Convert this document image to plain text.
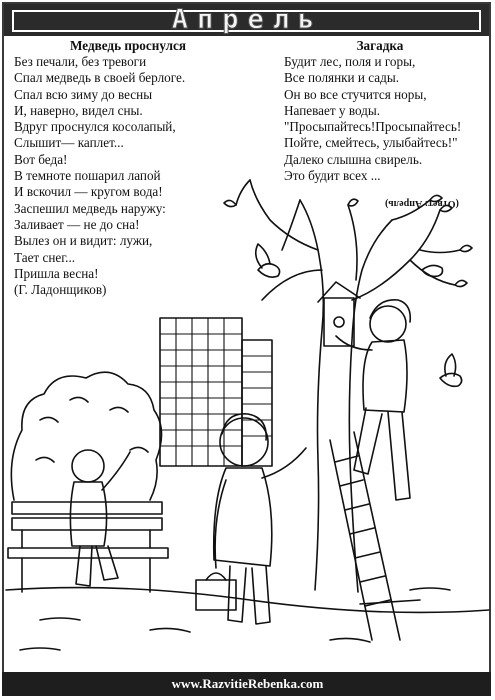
Апрель
Медведь проснулся
Без печали, без тревоги
Спал медведь в своей берлоге.
Спал всю зиму до весны
И, наверно, видел сны.
Вдруг проснулся косолапый,
Слышит— каплет...
Вот беда!
В темноте пошарил лапой
И вскочил — кругом вода!
Заспешил медведь наружу:
Заливает — не до сна!
Вылез он и видит: лужи,
Тает снег...
Пришла весна!
(Г. Ладонщиков)
Загадка
Будит лес, поля и горы,
Все полянки и сады.
Он во все стучится норы,
Напевает у воды.
"Просыпайтесь!Просыпайтесь!
Пойте, смейтесь, улыбайтесь!"
Далеко слышна свирель.
Это будит всех ...
(Ответ: Апрель)
www.RazvitieRebenka.com
